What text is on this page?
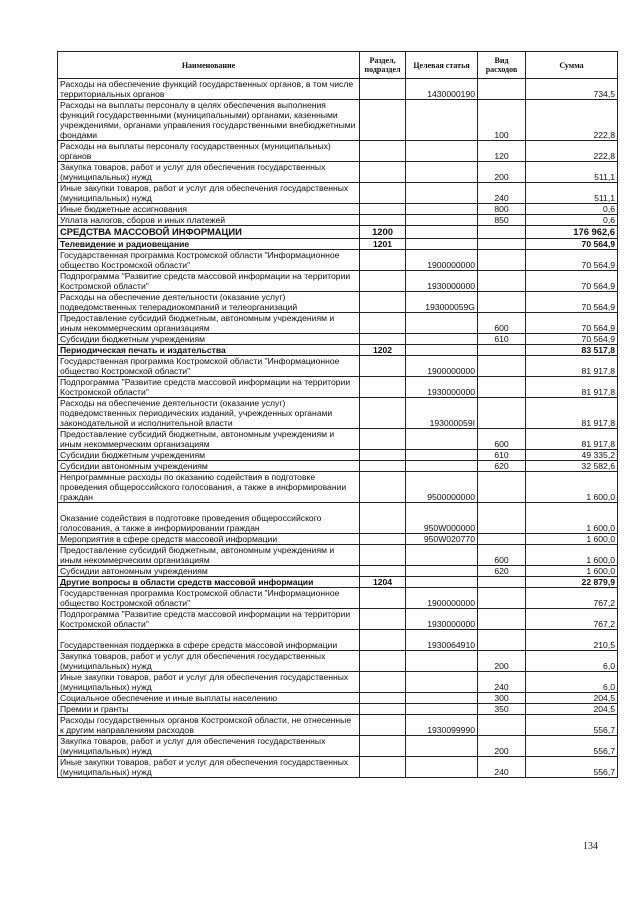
Наименование	Раздел, подраздел	Целевая статья	Вид расходов	Сумма
Расходы на обеспечение функций государственных органов, в том числе территориальных органов		1430000190		734,5
Расходы на выплаты персоналу в целях обеспечения выполнения функций государственными (муниципальными) органами, казенными учреждениями, органами управления государственными внебюджетными фондами			100	222,8
Расходы на выплаты персоналу государственных (муниципальных) органов			120	222,8
Закупка товаров, работ и услуг для обеспечения государственных (муниципальных) нужд			200	511,1
Иные закупки товаров, работ и услуг для обеспечения государственных (муниципальных) нужд			240	511,1
Иные бюджетные ассигнования			800	0,6
Уплата налогов, сборов и иных платежей			850	0,6
СРЕДСТВА МАССОВОЙ ИНФОРМАЦИИ	1200			176 962,6
Телевидение и радиовещание	1201			70 564,9
Государственная программа Костромской области "Информационное общество Костромской области"		1900000000		70 564,9
Подпрограмма "Развитие средств массовой информации на территории Костромской области"		1930000000		70 564,9
Расходы на обеспечение деятельности (оказание услуг) подведомственных телерадиокомпаний и телеорганизаций		193000059G		70 564,9
Предоставление субсидий бюджетным, автономным учреждениям и иным некоммерческим организациям			600	70 564,9
Субсидии бюджетным учреждениям			610	70 564,9
Периодическая печать и издательства	1202			83 517,8
Государственная программа Костромской области "Информационное общество Костромской области"		1900000000		81 917,8
Подпрограмма "Развитие средств массовой информации на территории Костромской области"		1930000000		81 917,8
Расходы на обеспечение деятельности (оказание услуг) подведомственных периодических изданий, учрежденных органами законодательной и исполнительной власти		193000059I		81 917,8
Предоставление субсидий бюджетным, автономным учреждениям и иным некоммерческим организациям			600	81 917,8
Субсидии бюджетным учреждениям			610	49 335,2
Субсидии автономным учреждениям			620	32 582,6
Непрограммные расходы по оказанию содействия в подготовке проведения общероссийского голосования, а также в информировании граждан		9500000000		1 600,0
Оказание содействия в подготовке проведения общероссийского голосования, а также в информировании граждан		950W000000		1 600,0
Мероприятия в сфере средств массовой информации		950W020770		1 600,0
Предоставление субсидий бюджетным, автономным учреждениям и иным некоммерческим организациям			600	1 600,0
Субсидии автономным учреждениям			620	1 600,0
Другие вопросы в области средств массовой информации	1204			22 879,9
Государственная программа Костромской области "Информационное общество Костромской области"		1900000000		767,2
Подпрограмма "Развитие средств массовой информации на территории Костромской области"		1930000000		767,2
Государственная поддержка в сфере средств массовой информации		1930064910		210,5
Закупка товаров, работ и услуг для обеспечения государственных (муниципальных) нужд			200	6,0
Иные закупки товаров, работ и услуг для обеспечения государственных (муниципальных) нужд			240	6,0
Социальное обеспечение и иные выплаты населению			300	204,5
Премии и гранты			350	204,5
Расходы государственных органов Костромской области, не отнесенные к другим направлениям расходов		1930099990		556,7
Закупка товаров, работ и услуг для обеспечения государственных (муниципальных) нужд			200	556,7
Иные закупки товаров, работ и услуг для обеспечения государственных (муниципальных) нужд			240	556,7
134
